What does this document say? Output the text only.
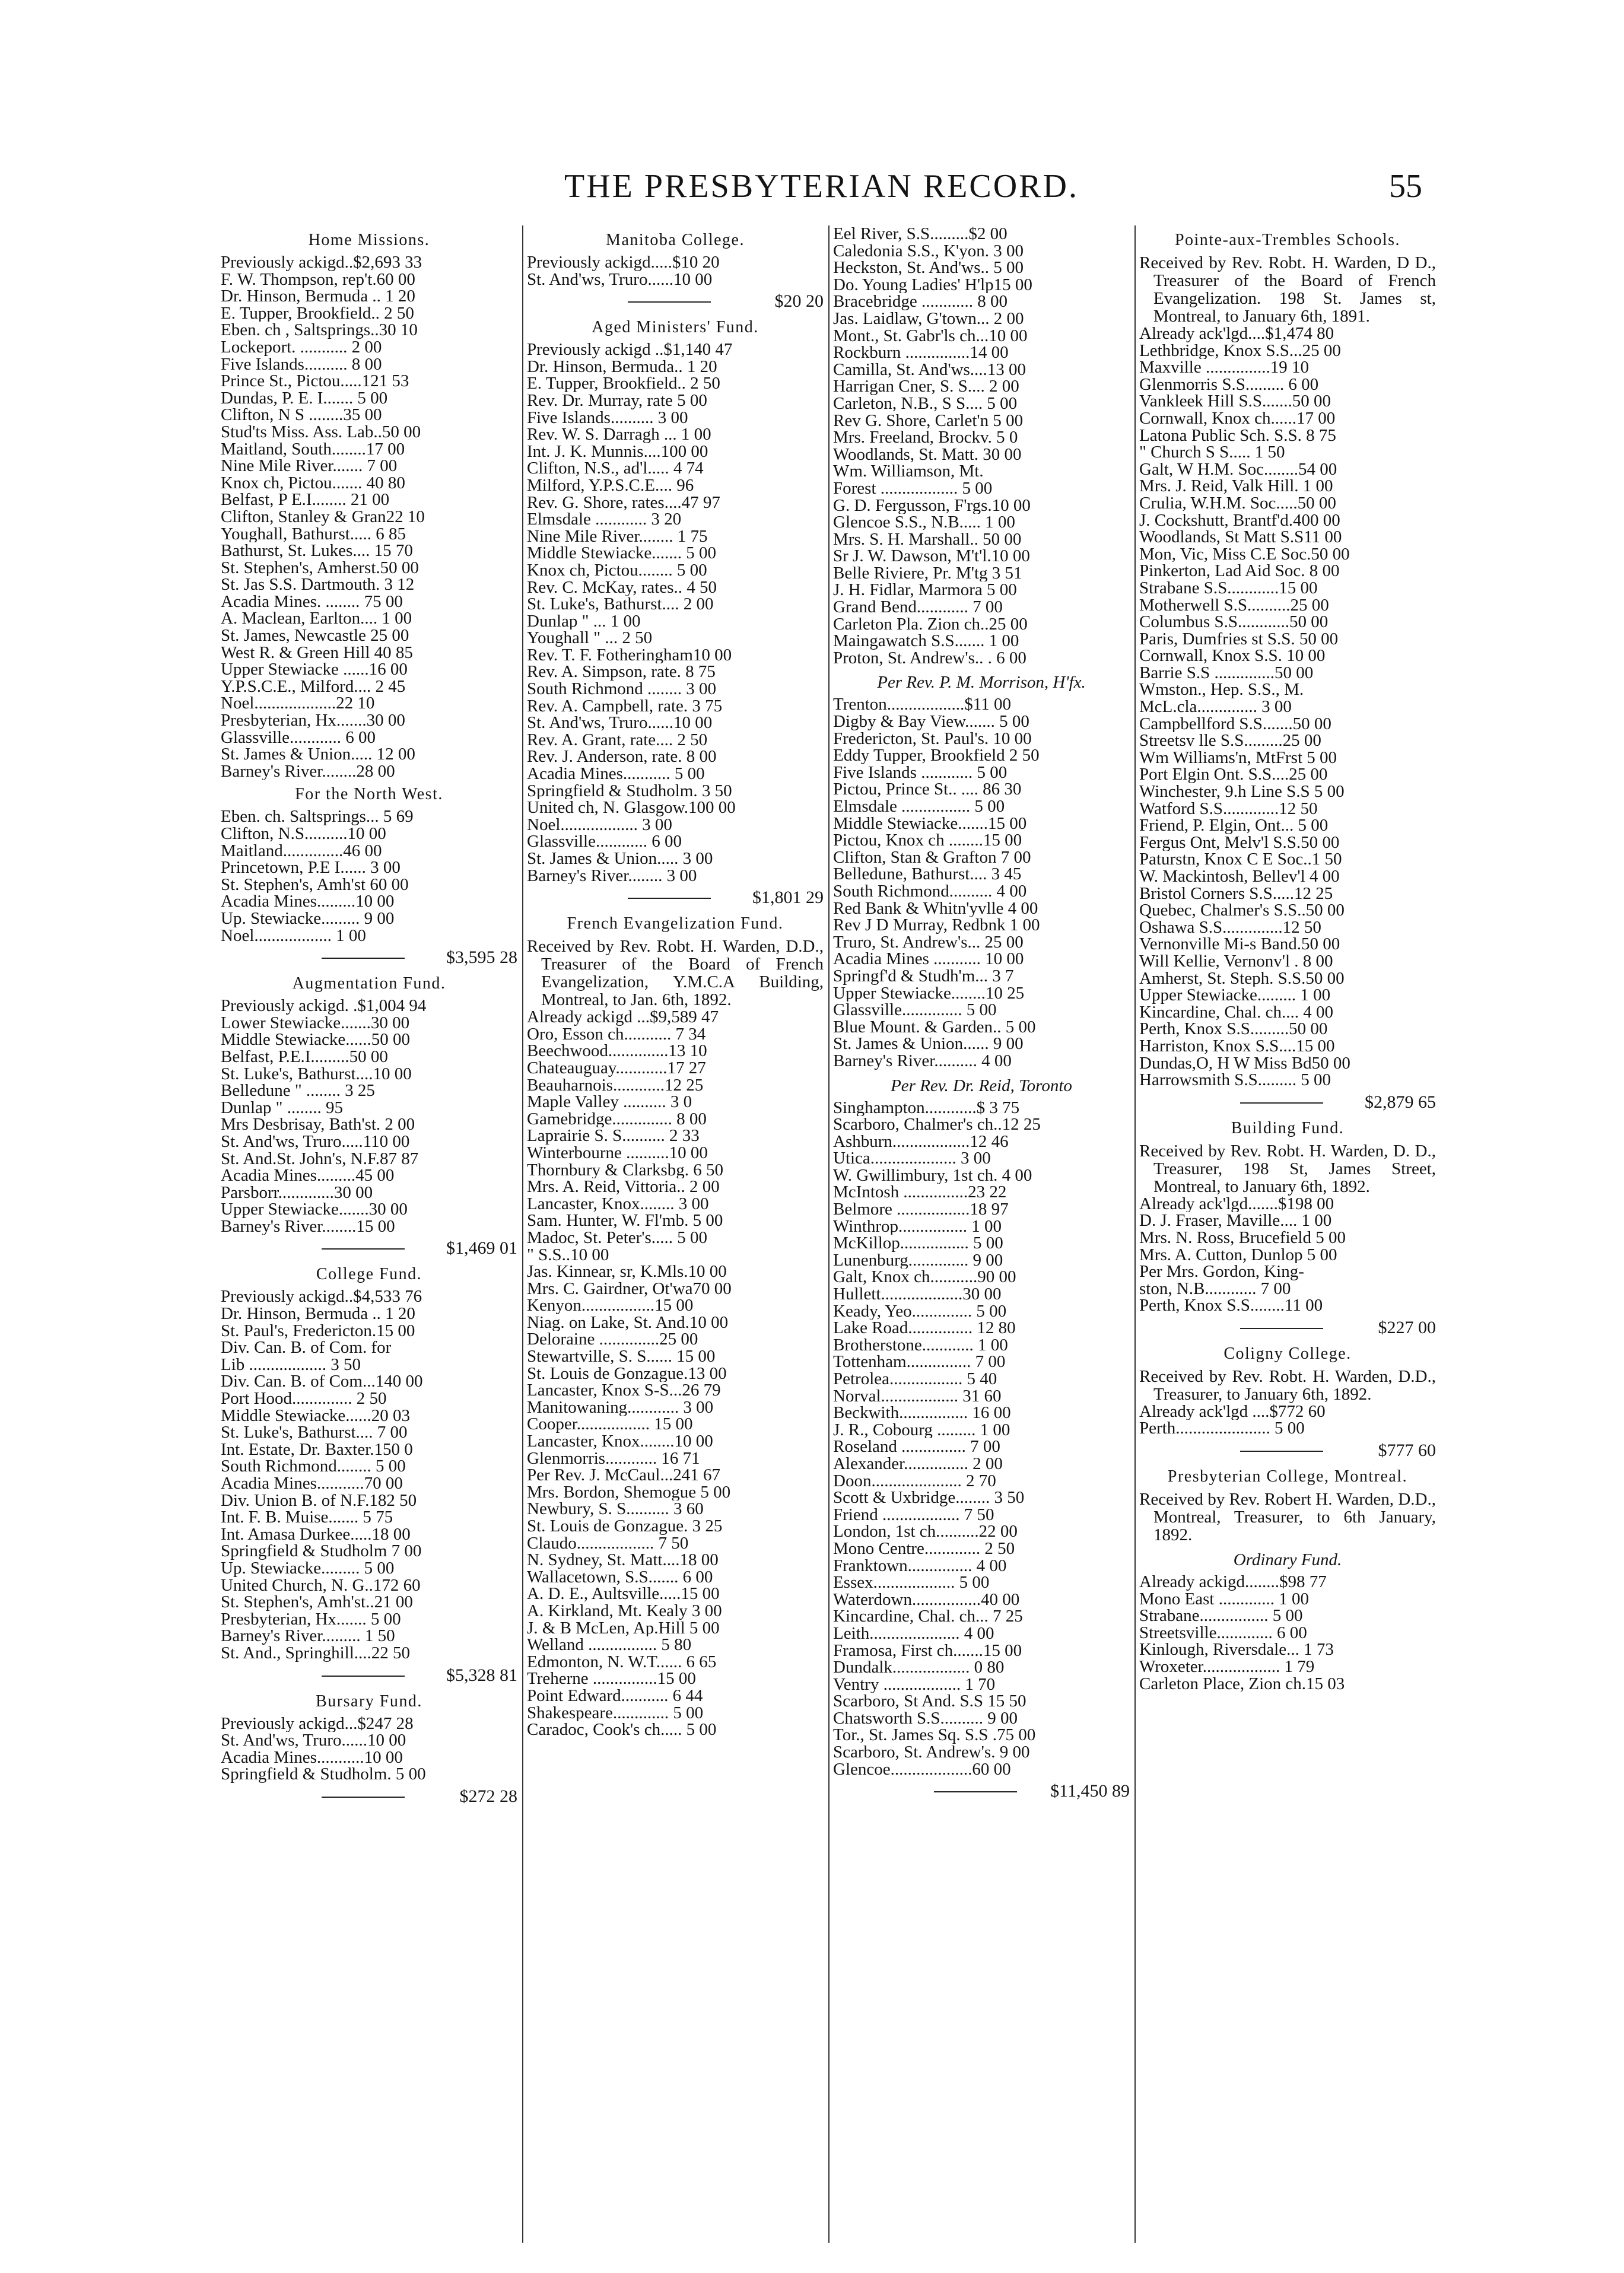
THE PRESBYTERIAN RECORD.	55
Home Missions.
Previously ackigd..$2,693 33
F. W. Thompson, rep't.60 00
Dr. Hinson, Bermuda .. 1 20
E. Tupper, Brookfield.. 2 50
Eben. ch , Saltsprings..30 10
Lockeport. ........... 2 00
Five Islands.......... 8 00
Prince St., Pictou.....121 53
Dundas, P. E. I....... 5 00
Clifton, N S ........35 00
Stud'ts Miss. Ass. Lab..50 00
Maitland, South........17 00
Nine Mile River....... 7 00
Knox ch, Pictou....... 40 80
Belfast, P E.I........ 21 00
Clifton, Stanley & Gran22 10
Youghall, Bathurst..... 6 85
Bathurst, St. Lukes.... 15 70
St. Stephen's, Amherst.50 00
St. Jas S.S. Dartmouth. 3 12
Acadia Mines. ........ 75 00
A. Maclean, Earlton.... 1 00
St. James, Newcastle 25 00
West R. & Green Hill 40 85
Upper Stewiacke ......16 00
Y.P.S.C.E., Milford.... 2 45
Noel...................22 10
Presbyterian, Hx.......30 00
Glassville............ 6 00
St. James & Union..... 12 00
Barney's River........28 00
For the North West.
Eben. ch. Saltsprings... 5 69
Clifton, N.S..........10 00
Maitland..............46 00
Princetown, P.E I...... 3 00
St. Stephen's, Amh'st 60 00
Acadia Mines.........10 00
Up. Stewiacke......... 9 00
Noel.................. 1 00
$3,595 28
Augmentation Fund.
Previously ackigd. .$1,004 94
Lower Stewiacke.......30 00
Middle Stewiacke......50 00
Belfast, P.E.I.........50 00
St. Luke's, Bathurst....10 00
Belledune " ........ 3 25
Dunlap " ........ 95
Mrs Desbrisay, Bath'st. 2 00
St. And'ws, Truro.....110 00
St. And.St. John's, N.F.87 87
Acadia Mines.........45 00
Parsborr.............30 00
Upper Stewiacke.......30 00
Barney's River........15 00
$1,469 01
College Fund.
Previously ackigd..$4,533 76
Dr. Hinson, Bermuda .. 1 20
St. Paul's, Fredericton.15 00
Div. Can. B. of Com. for
Lib .................. 3 50
Div. Can. B. of Com...140 00
Port Hood.............. 2 50
Middle Stewiacke......20 03
St. Luke's, Bathurst.... 7 00
Int. Estate, Dr. Baxter.150 0
South Richmond........ 5 00
Acadia Mines...........70 00
Div. Union B. of N.F.182 50
Int. F. B. Muise....... 5 75
Int. Amasa Durkee.....18 00
Springfield & Studholm 7 00
Up. Stewiacke......... 5 00
United Church, N. G..172 60
St. Stephen's, Amh'st..21 00
Presbyterian, Hx....... 5 00
Barney's River......... 1 50
St. And., Springhill....22 50
$5,328 81
Bursary Fund.
Previously ackigd...$247 28
St. And'ws, Truro......10 00
Acadia Mines...........10 00
Springfield & Studholm. 5 00
$272 28
Manitoba College.
Previously ackigd.....$10 20
St. And'ws, Truro......10 00
$20 20
Aged Ministers' Fund.
Previously ackigd ..$1,140 47
Dr. Hinson, Bermuda.. 1 20
E. Tupper, Brookfield.. 2 50
Rev. Dr. Murray, rate 5 00
Five Islands.......... 3 00
Rev. W. S. Darragh ... 1 00
Int. J. K. Munnis....100 00
Clifton, N.S., ad'l..... 4 74
Milford, Y.P.S.C.E.... 96
Rev. G. Shore, rates....47 97
Elmsdale ............ 3 20
Nine Mile River........ 1 75
Middle Stewiacke....... 5 00
Knox ch, Pictou........ 5 00
Rev. C. McKay, rates.. 4 50
St. Luke's, Bathurst.... 2 00
Dunlap " ... 1 00
Youghall " ... 2 50
Rev. T. F. Fotheringham10 00
Rev. A. Simpson, rate. 8 75
South Richmond ........ 3 00
Rev. A. Campbell, rate. 3 75
St. And'ws, Truro......10 00
Rev. A. Grant, rate.... 2 50
Rev. J. Anderson, rate. 8 00
Acadia Mines........... 5 00
Springfield & Studholm. 3 50
United ch, N. Glasgow.100 00
Noel.................. 3 00
Glassville............ 6 00
St. James & Union..... 3 00
Barney's River........ 3 00
$1,801 29
French Evangelization Fund.
Received by Rev. Robt. H. Warden, D.D., Treasurer of the Board of French Evangelization, Y.M.C.A Building, Montreal, to Jan. 6th, 1892.
Already ackigd ...$9,589 47
Oro, Esson ch........... 7 34
Beechwood..............13 10
Chateauguay............17 27
Beauharnois............12 25
Maple Valley .......... 3 0
Gamebridge.............. 8 00
Laprairie S. S.......... 2 33
Winterbourne ..........10 00
Thornbury & Clarksbg. 6 50
Mrs. A. Reid, Vittoria.. 2 00
Lancaster, Knox........ 3 00
Sam. Hunter, W. Fl'mb. 5 00
Madoc, St. Peter's..... 5 00
" S.S..10 00
Jas. Kinnear, sr, K.Mls.10 00
Mrs. C. Gairdner, Ot'wa70 00
Kenyon.................15 00
Niag. on Lake, St. And.10 00
Deloraine ..............25 00
Stewartville, S. S...... 15 00
St. Louis de Gonzague.13 00
Lancaster, Knox S-S...26 79
Manitowaning............ 3 00
Cooper................. 15 00
Lancaster, Knox........10 00
Glenmorris............ 16 71
Per Rev. J. McCaul...241 67
Mrs. Bordon, Shemogue 5 00
Newbury, S. S.......... 3 60
St. Louis de Gonzague. 3 25
Claudo.................. 7 50
N. Sydney, St. Matt....18 00
Wallacetown, S.S....... 6 00
A. D. E., Aultsville.....15 00
A. Kirkland, Mt. Kealy 3 00
J. & B McLen, Ap.Hill 5 00
Welland ................ 5 80
Edmonton, N. W.T...... 6 65
Treherne ...............15 00
Point Edward........... 6 44
Shakespeare............. 5 00
Caradoc, Cook's ch..... 5 00
Eel River, S.S.........$2 00
Caledonia S.S., K'yon. 3 00
Heckston, St. And'ws.. 5 00
Do. Young Ladies' H'lp15 00
Bracebridge ............ 8 00
Jas. Laidlaw, G'town... 2 00
Mont., St. Gabr'ls ch...10 00
Rockburn ...............14 00
Camilla, St. And'ws....13 00
Harrigan Cner, S. S.... 2 00
Carleton, N.B., S S.... 5 00
Rev G. Shore, Carlet'n 5 00
Mrs. Freeland, Brockv. 5 0
Woodlands, St. Matt. 30 00
Wm. Williamson, Mt.
Forest .................. 5 00
G. D. Fergusson, F'rgs.10 00
Glencoe S.S., N.B..... 1 00
Mrs. S. H. Marshall.. 50 00
Sr J. W. Dawson, M't'l.10 00
Belle Riviere, Pr. M'tg 3 51
J. H. Fidlar, Marmora 5 00
Grand Bend............ 7 00
Carleton Pla. Zion ch..25 00
Maingawatch S.S....... 1 00
Proton, St. Andrew's.. . 6 00
Per Rev. P. M. Morrison, H'fx.
Trenton..................$11 00
Digby & Bay View....... 5 00
Fredericton, St. Paul's. 10 00
Eddy Tupper, Brookfield 2 50
Five Islands ............ 5 00
Pictou, Prince St.. .... 86 30
Elmsdale ................ 5 00
Middle Stewiacke.......15 00
Pictou, Knox ch ........15 00
Clifton, Stan & Grafton 7 00
Belledune, Bathurst.... 3 45
South Richmond.......... 4 00
Red Bank & Whitn'yvlle 4 00
Rev J D Murray, Redbnk 1 00
Truro, St. Andrew's... 25 00
Acadia Mines ........... 10 00
Springf'd & Studh'm... 3 7
Upper Stewiacke........10 25
Glassville.............. 5 00
Blue Mount. & Garden.. 5 00
St. James & Union...... 9 00
Barney's River.......... 4 00
Per Rev. Dr. Reid, Toronto
Singhampton............$ 3 75
Scarboro, Chalmer's ch..12 25
Ashburn..................12 46
Utica.................... 3 00
W. Gwillimbury, 1st ch. 4 00
McIntosh ...............23 22
Belmore .................18 97
Winthrop................ 1 00
McKillop................ 5 00
Lunenburg.............. 9 00
Galt, Knox ch...........90 00
Hullett...................30 00
Keady, Yeo.............. 5 00
Lake Road............... 12 80
Brotherstone............ 1 00
Tottenham............... 7 00
Petrolea................. 5 40
Norval.................. 31 60
Beckwith................ 16 00
J. R., Cobourg ......... 1 00
Roseland ............... 7 00
Alexander............... 2 00
Doon..................... 2 70
Scott & Uxbridge........ 3 50
Friend .................. 7 50
London, 1st ch..........22 00
Mono Centre............. 2 50
Franktown............... 4 00
Essex................... 5 00
Waterdown................40 00
Kincardine, Chal. ch... 7 25
Leith..................... 4 00
Framosa, First ch.......15 00
Dundalk.................. 0 80
Ventry .................. 1 70
Scarboro, St And. S.S 15 50
Chatsworth S.S.......... 9 00
Tor., St. James Sq. S.S .75 00
Scarboro, St. Andrew's. 9 00
Glencoe...................60 00
$11,450 89
Pointe-aux-Trembles Schools.
Received by Rev. Robt. H. Warden, D D., Treasurer of the Board of French Evangelization. 198 St. James st, Montreal, to January 6th, 1891.
Already ack'lgd....$1,474 80
Lethbridge, Knox S.S...25 00
Maxville ...............19 10
Glenmorris S.S......... 6 00
Vankleek Hill S.S.......50 00
Cornwall, Knox ch......17 00
Latona Public Sch. S.S. 8 75
" Church S S..... 1 50
Galt, W H.M. Soc........54 00
Mrs. J. Reid, Valk Hill. 1 00
Crulia, W.H.M. Soc.....50 00
J. Cockshutt, Brantf'd.400 00
Woodlands, St Matt S.S11 00
Mon, Vic, Miss C.E Soc.50 00
Pinkerton, Lad Aid Soc. 8 00
Strabane S.S............15 00
Motherwell S.S..........25 00
Columbus S.S............50 00
Paris, Dumfries st S.S. 50 00
Cornwall, Knox S.S. 10 00
Barrie S.S ..............50 00
Wmston., Hep. S.S., M.
McL.cla.............. 3 00
Campbellford S.S.......50 00
Streetsv lle S.S.........25 00
Wm Williams'n, MtFrst 5 00
Port Elgin Ont. S.S....25 00
Winchester, 9.h Line S.S 5 00
Watford S.S.............12 50
Friend, P. Elgin, Ont... 5 00
Fergus Ont, Melv'l S.S.50 00
Paturstn, Knox C E Soc..1 50
W. Mackintosh, Bellev'l 4 00
Bristol Corners S.S.....12 25
Quebec, Chalmer's S.S..50 00
Oshawa S.S..............12 50
Vernonville Mi-s Band.50 00
Will Kellie, Vernonv'l . 8 00
Amherst, St. Steph. S.S.50 00
Upper Stewiacke......... 1 00
Kincardine, Chal. ch.... 4 00
Perth, Knox S.S.........50 00
Harriston, Knox S.S....15 00
Dundas,O, H W Miss Bd50 00
Harrowsmith S.S......... 5 00
$2,879 65
Building Fund.
Received by Rev. Robt. H. Warden, D. D., Treasurer, 198 St, James Street, Montreal, to January 6th, 1892.
Already ack'lgd.......$198 00
D. J. Fraser, Maville.... 1 00
Mrs. N. Ross, Brucefield 5 00
Mrs. A. Cutton, Dunlop 5 00
Per Mrs. Gordon, King-
ston, N.B............ 7 00
Perth, Knox S.S........11 00
$227 00
Coligny College.
Received by Rev. Robt. H. Warden, D.D., Treasurer, to January 6th, 1892.
Already ack'lgd ....$772 60
Perth...................... 5 00
$777 60
Presbyterian College, Montreal.
Received by Rev. Robert H. Warden, D.D., Montreal, Treasurer, to 6th January, 1892.
Ordinary Fund.
Already ackigd........$98 77
Mono East ............. 1 00
Strabane................ 5 00
Streetsville............. 6 00
Kinlough, Riversdale... 1 73
Wroxeter.................. 1 79
Carleton Place, Zion ch.15 03
